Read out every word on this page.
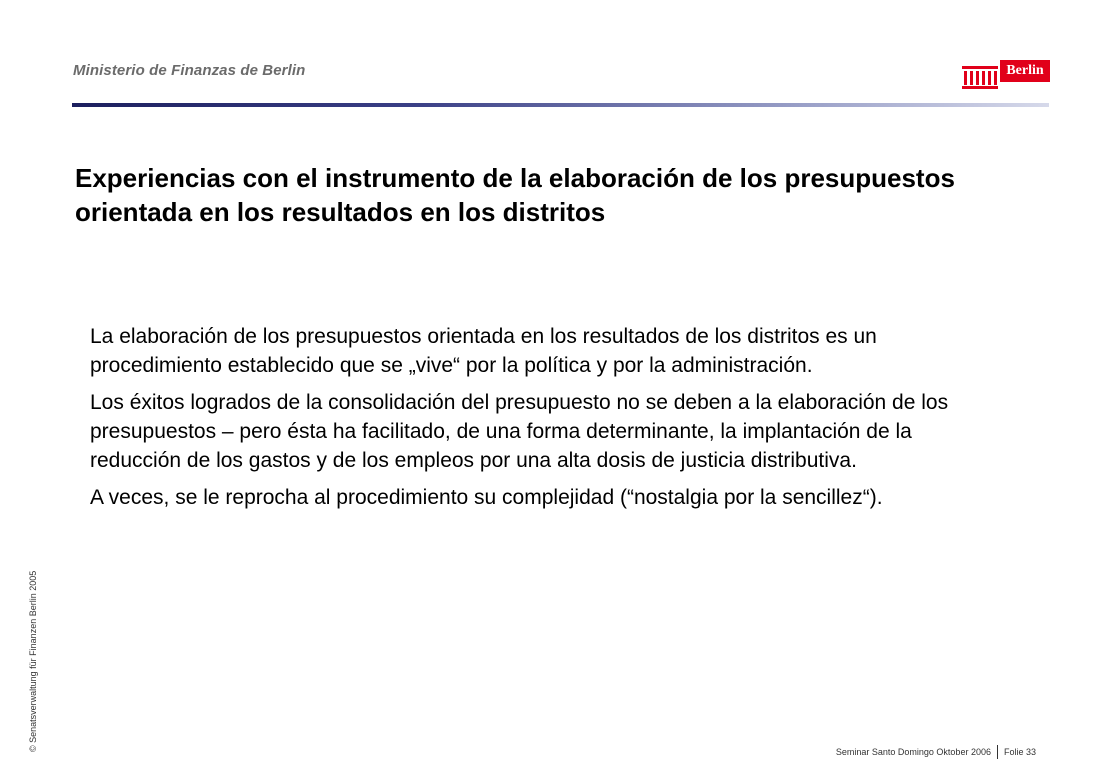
Ministerio de Finanzas de Berlin	Berlin
Experiencias con el instrumento de la elaboración de los presupuestos orientada en los resultados en los distritos

La elaboración de los presupuestos orientada en los resultados de los distritos es un procedimiento establecido que se „vive“ por la política y por la administración.

Los éxitos logrados de la consolidación del presupuesto no se deben a la elaboración de los presupuestos – pero ésta ha facilitado, de una forma determinante, la implantación de la reducción de los gastos y de los empleos por una alta dosis de justicia distributiva.

A veces, se le reprocha al procedimiento su complejidad (“nostalgia por la sencillez“).

© Senatsverwaltung für Finanzen Berlin 2005	Seminar Santo Domingo Oktober 2006 Folie 33
